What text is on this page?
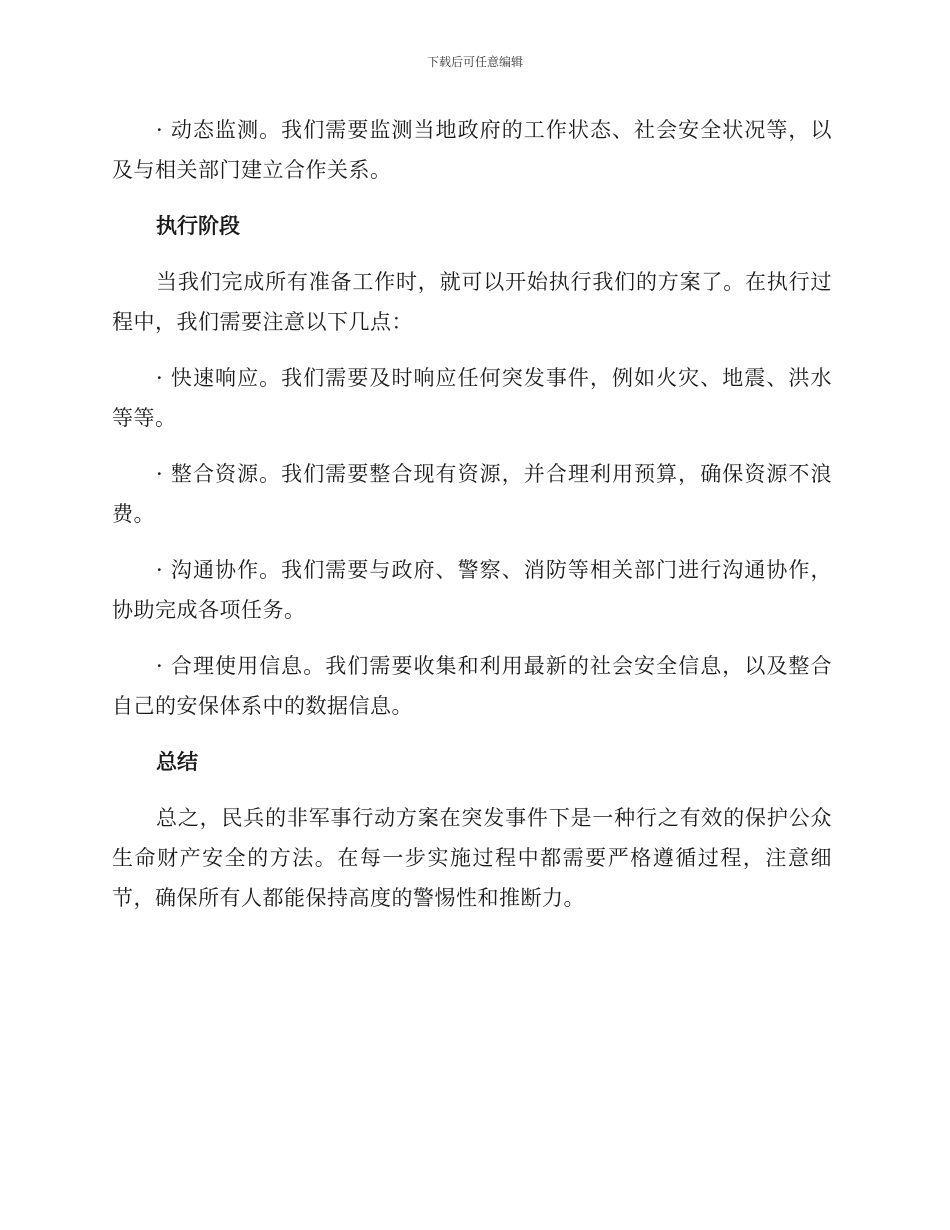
下载后可任意编辑

· 动态监测。我们需要监测当地政府的工作状态、社会安全状况等，以及与相关部门建立合作关系。

执行阶段

当我们完成所有准备工作时，就可以开始执行我们的方案了。在执行过程中，我们需要注意以下几点：

· 快速响应。我们需要及时响应任何突发事件，例如火灾、地震、洪水等等。

· 整合资源。我们需要整合现有资源，并合理利用预算，确保资源不浪费。

· 沟通协作。我们需要与政府、警察、消防等相关部门进行沟通协作，协助完成各项任务。

· 合理使用信息。我们需要收集和利用最新的社会安全信息，以及整合自己的安保体系中的数据信息。

总结

总之，民兵的非军事行动方案在突发事件下是一种行之有效的保护公众生命财产安全的方法。在每一步实施过程中都需要严格遵循过程，注意细节，确保所有人都能保持高度的警惕性和推断力。
